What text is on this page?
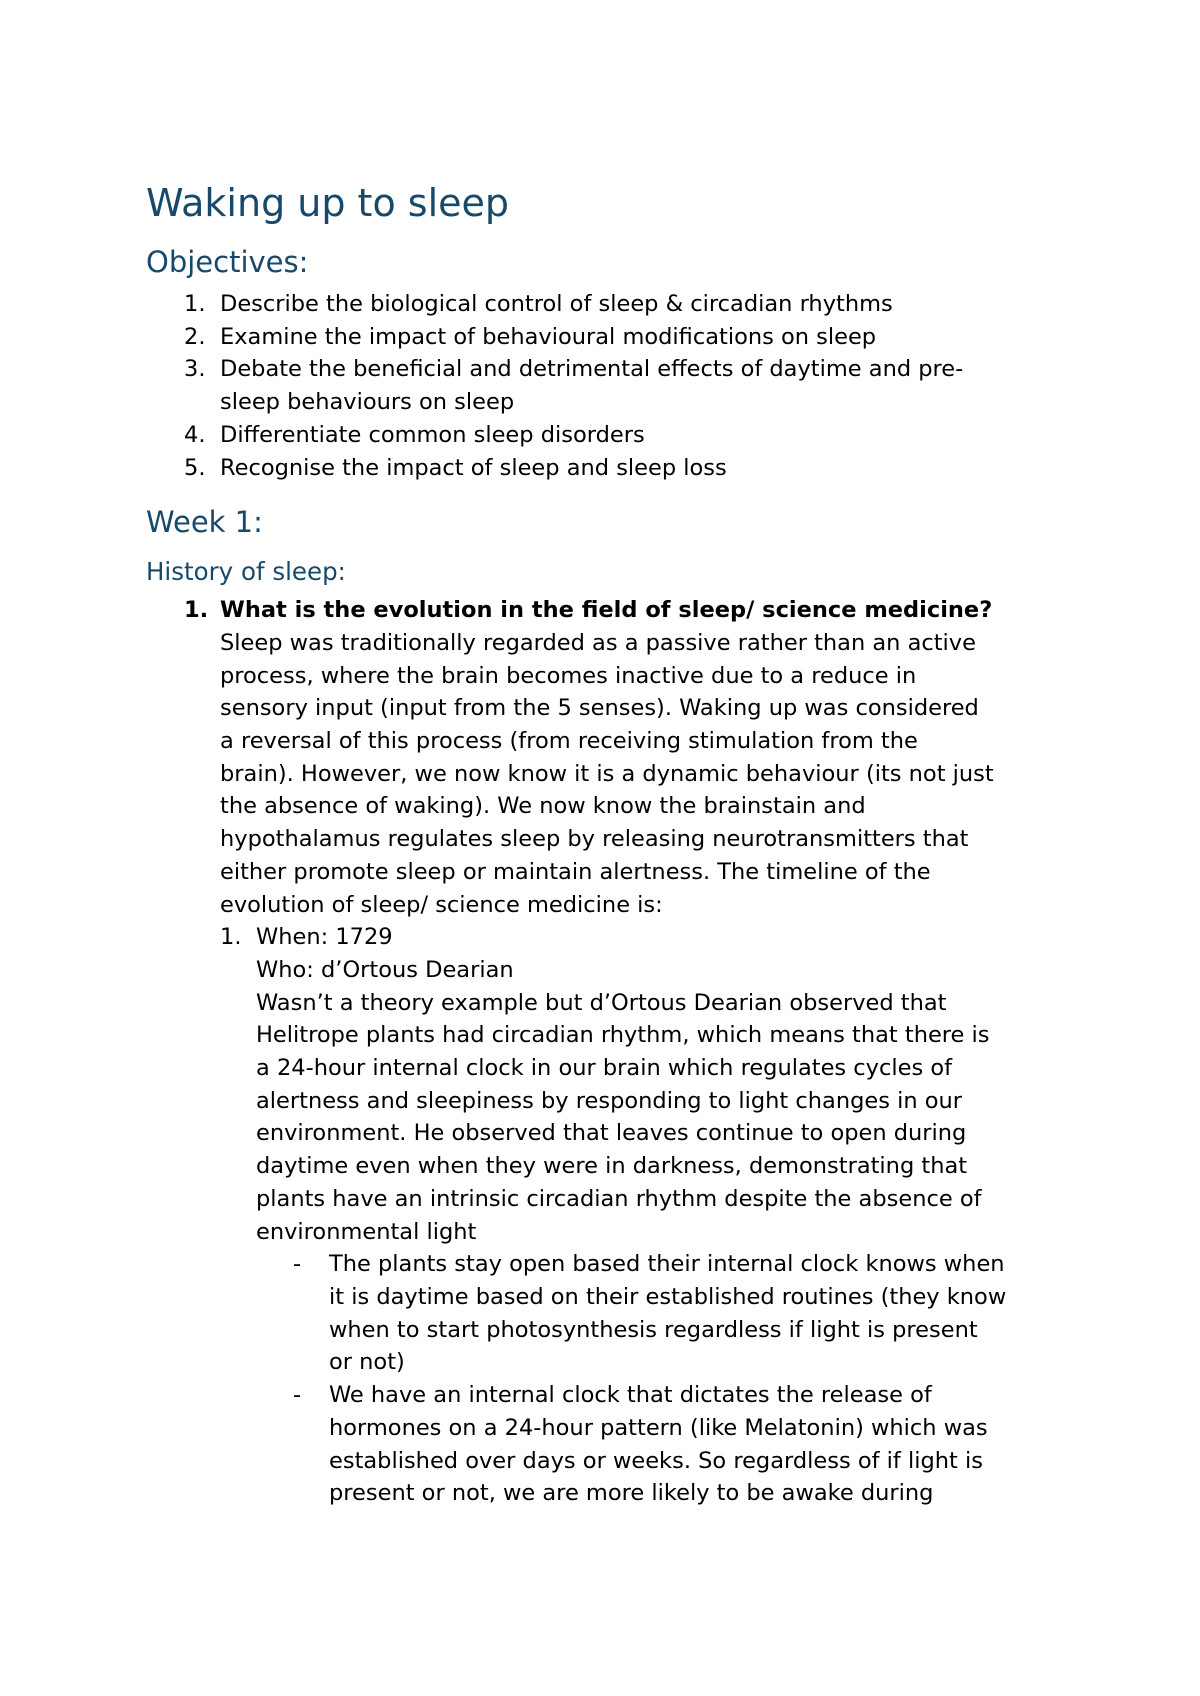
Waking up to sleep
Objectives:
1. Describe the biological control of sleep & circadian rhythms
2. Examine the impact of behavioural modifications on sleep
3. Debate the beneficial and detrimental effects of daytime and pre-
sleep behaviours on sleep
4. Differentiate common sleep disorders
5. Recognise the impact of sleep and sleep loss
Week 1:
History of sleep:
1. What is the evolution in the field of sleep/ science medicine?
Sleep was traditionally regarded as a passive rather than an active
process, where the brain becomes inactive due to a reduce in
sensory input (input from the 5 senses). Waking up was considered
a reversal of this process (from receiving stimulation from the
brain). However, we now know it is a dynamic behaviour (its not just
the absence of waking). We now know the brainstain and
hypothalamus regulates sleep by releasing neurotransmitters that
either promote sleep or maintain alertness. The timeline of the
evolution of sleep/ science medicine is:
1. When: 1729
Who: d’Ortous Dearian
Wasn’t a theory example but d’Ortous Dearian observed that
Helitrope plants had circadian rhythm, which means that there is
a 24-hour internal clock in our brain which regulates cycles of
alertness and sleepiness by responding to light changes in our
environment. He observed that leaves continue to open during
daytime even when they were in darkness, demonstrating that
plants have an intrinsic circadian rhythm despite the absence of
environmental light
- The plants stay open based their internal clock knows when
it is daytime based on their established routines (they know
when to start photosynthesis regardless if light is present
or not)
- We have an internal clock that dictates the release of
hormones on a 24-hour pattern (like Melatonin) which was
established over days or weeks. So regardless of if light is
present or not, we are more likely to be awake during
